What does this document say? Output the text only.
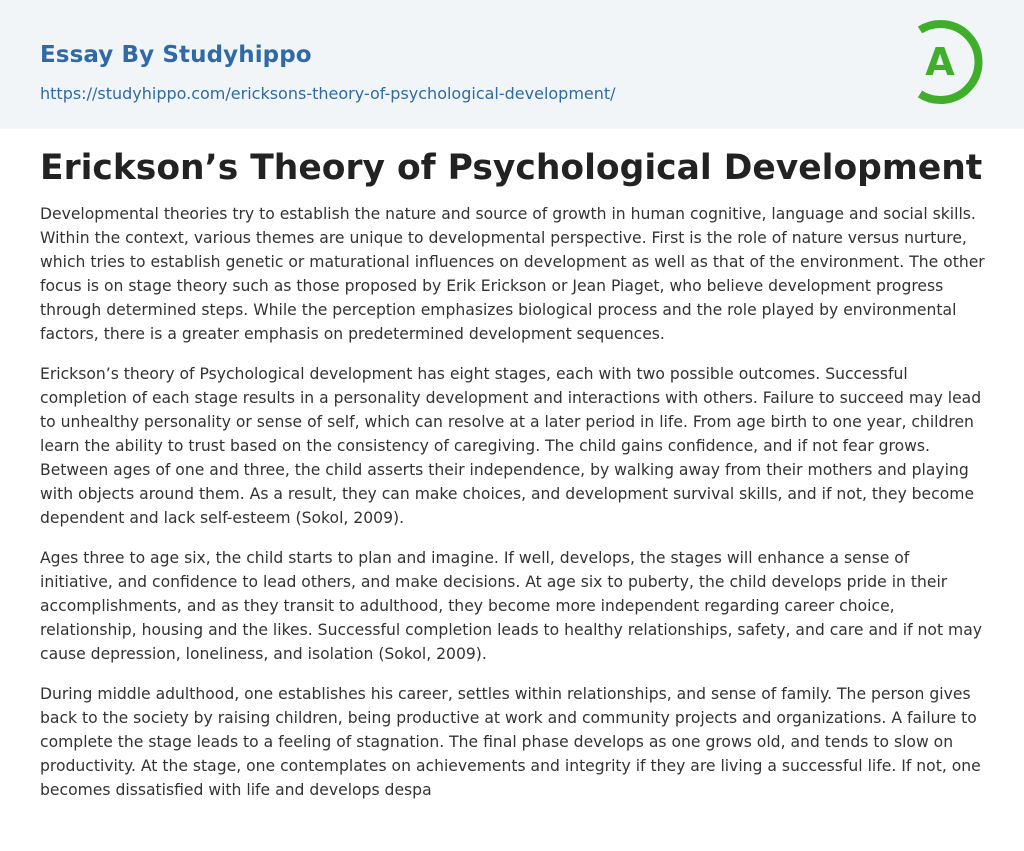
Essay By Studyhippo
https://studyhippo.com/ericksons-theory-of-psychological-development/
A
Erickson’s Theory of Psychological Development

Developmental theories try to establish the nature and source of growth in human cognitive, language and social skills. Within the context, various themes are unique to developmental perspective. First is the role of nature versus nurture, which tries to establish genetic or maturational influences on development as well as that of the environment. The other focus is on stage theory such as those proposed by Erik Erickson or Jean Piaget, who believe development progress through determined steps. While the perception emphasizes biological process and the role played by environmental factors, there is a greater emphasis on predetermined development sequences.

Erickson’s theory of Psychological development has eight stages, each with two possible outcomes. Successful completion of each stage results in a personality development and interactions with others. Failure to succeed may lead to unhealthy personality or sense of self, which can resolve at a later period in life. From age birth to one year, children learn the ability to trust based on the consistency of caregiving. The child gains confidence, and if not fear grows. Between ages of one and three, the child asserts their independence, by walking away from their mothers and playing with objects around them. As a result, they can make choices, and development survival skills, and if not, they become dependent and lack self-esteem (Sokol, 2009).

Ages three to age six, the child starts to plan and imagine. If well, develops, the stages will enhance a sense of initiative, and confidence to lead others, and make decisions. At age six to puberty, the child develops pride in their accomplishments, and as they transit to adulthood, they become more independent regarding career choice, relationship, housing and the likes. Successful completion leads to healthy relationships, safety, and care and if not may cause depression, loneliness, and isolation (Sokol, 2009).

During middle adulthood, one establishes his career, settles within relationships, and sense of family. The person gives back to the society by raising children, being productive at work and community projects and organizations. A failure to complete the stage leads to a feeling of stagnation. The final phase develops as one grows old, and tends to slow on productivity. At the stage, one contemplates on achievements and integrity if they are living a successful life. If not, one becomes dissatisfied with life and develops despa
